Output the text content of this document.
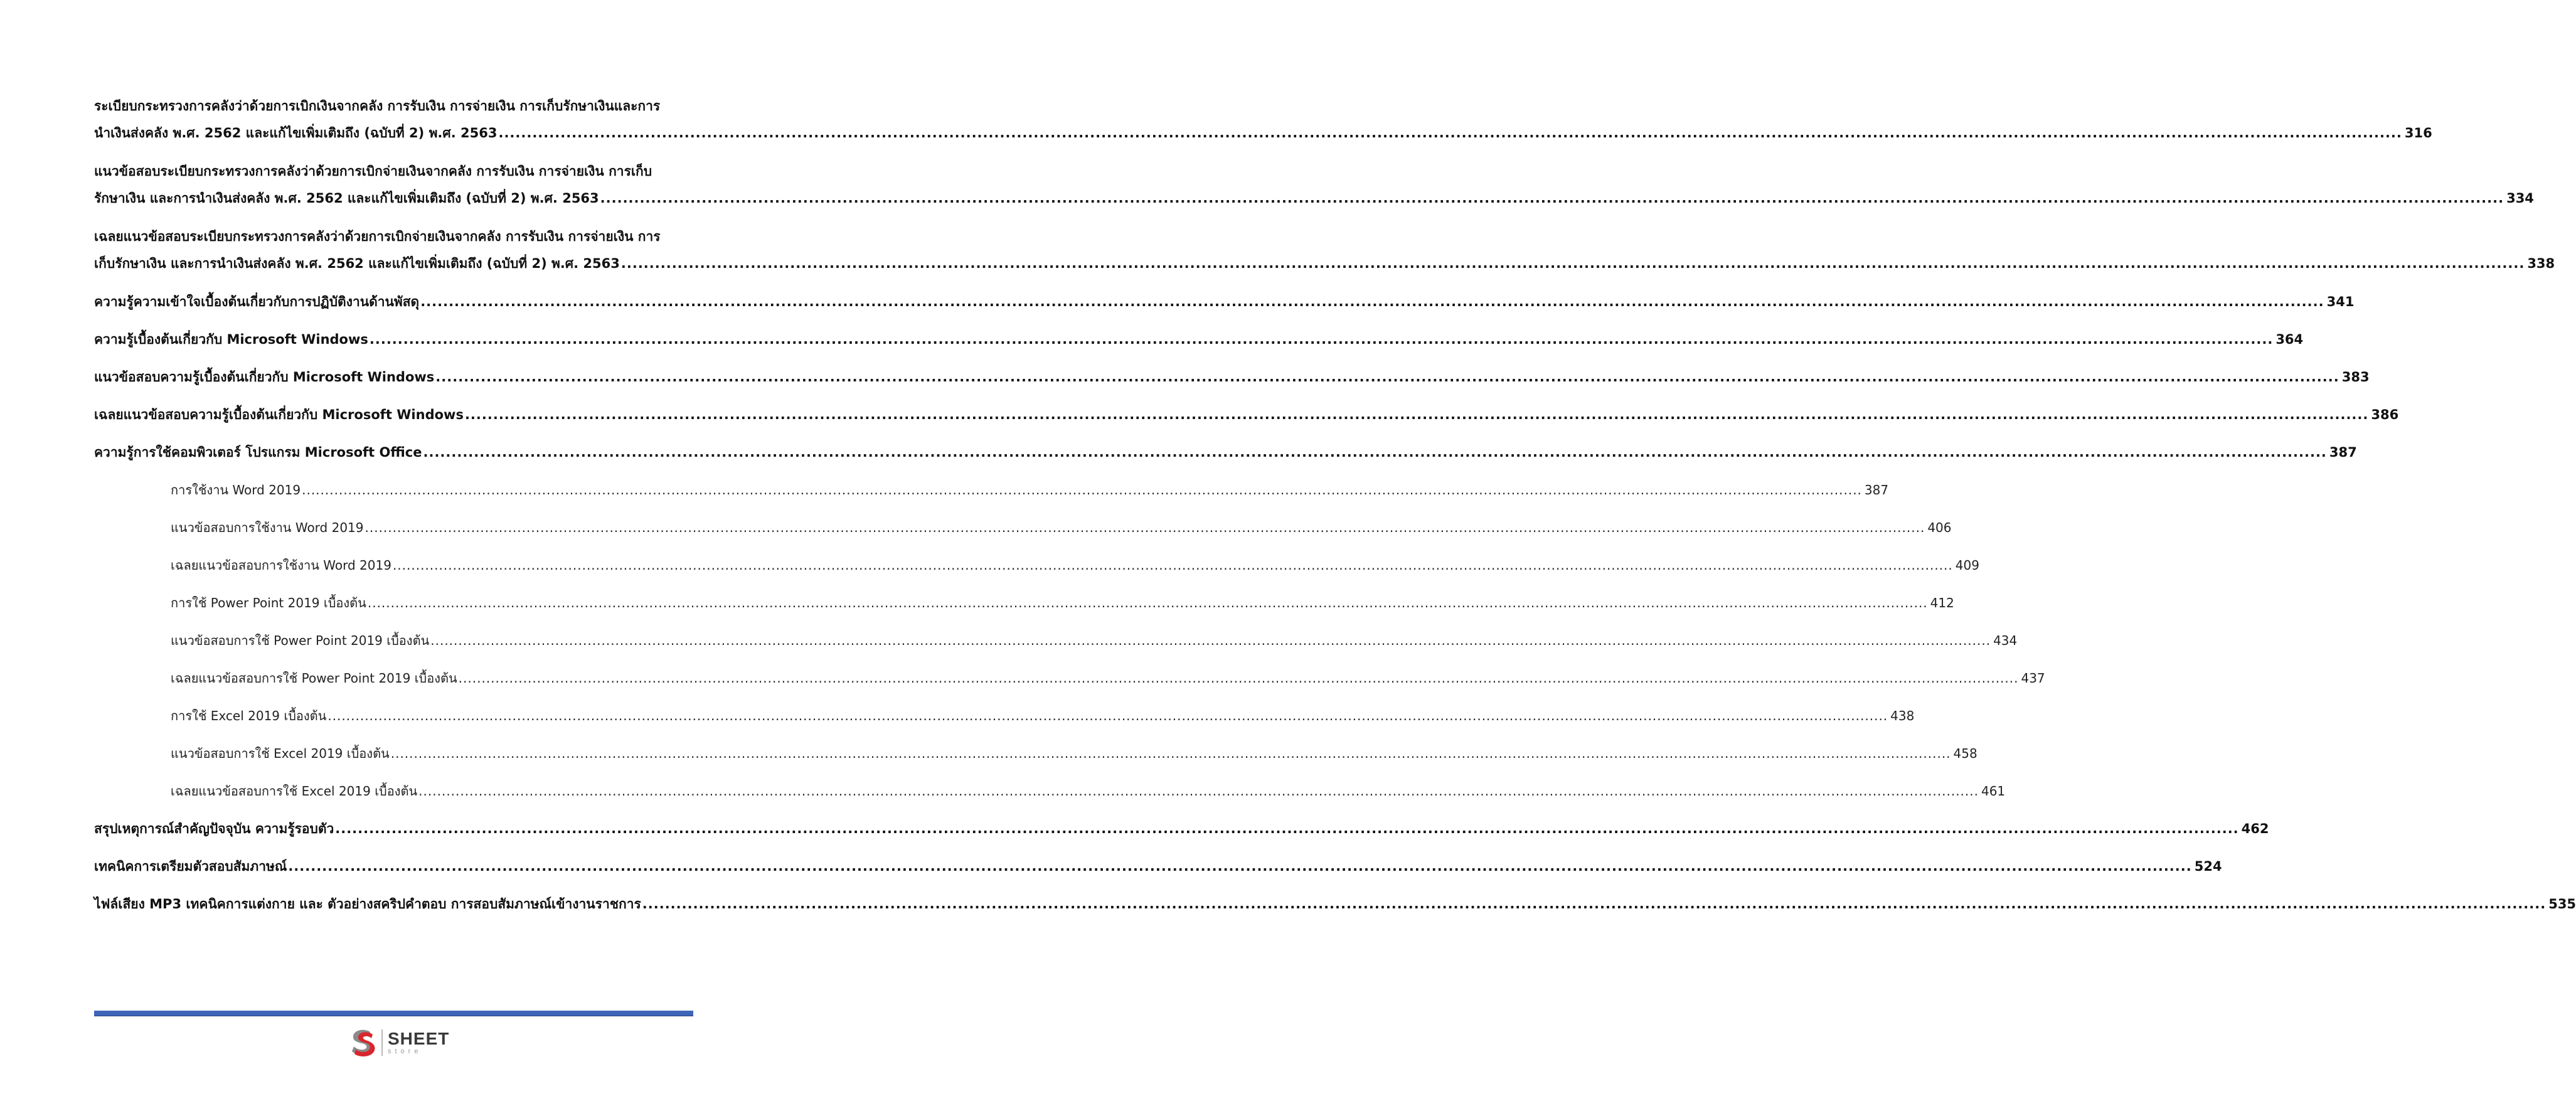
ระเบียบกระทรวงการคลังว่าด้วยการเบิกเงินจากคลัง การรับเงิน การจ่ายเงิน การเก็บรักษาเงินและการ
นำเงินส่งคลัง พ.ศ. 2562 และแก้ไขเพิ่มเติมถึง (ฉบับที่ 2) พ.ศ. 2563 .....	316
แนวข้อสอบระเบียบกระทรวงการคลังว่าด้วยการเบิกจ่ายเงินจากคลัง การรับเงิน การจ่ายเงิน การเก็บ
รักษาเงิน และการนำเงินส่งคลัง พ.ศ. 2562 และแก้ไขเพิ่มเติมถึง (ฉบับที่ 2) พ.ศ. 2563 .....	334
เฉลยแนวข้อสอบระเบียบกระทรวงการคลังว่าด้วยการเบิกจ่ายเงินจากคลัง การรับเงิน การจ่ายเงิน การ
เก็บรักษาเงิน และการนำเงินส่งคลัง พ.ศ. 2562 และแก้ไขเพิ่มเติมถึง (ฉบับที่ 2) พ.ศ. 2563 .....	338
ความรู้ความเข้าใจเบื้องต้นเกี่ยวกับการปฏิบัติงานด้านพัสดุ .....	341
ความรู้เบื้องต้นเกี่ยวกับ Microsoft Windows .....	364
แนวข้อสอบความรู้เบื้องต้นเกี่ยวกับ Microsoft Windows .....	383
เฉลยแนวข้อสอบความรู้เบื้องต้นเกี่ยวกับ Microsoft Windows .....	386
ความรู้การใช้คอมพิวเตอร์ โปรแกรม Microsoft Office .....	387
การใช้งาน Word 2019 .....	387
แนวข้อสอบการใช้งาน Word 2019 .....	406
เฉลยแนวข้อสอบการใช้งาน Word 2019 .....	409
การใช้ Power Point 2019 เบื้องต้น .....	412
แนวข้อสอบการใช้ Power Point 2019 เบื้องต้น .....	434
เฉลยแนวข้อสอบการใช้ Power Point 2019 เบื้องต้น .....	437
การใช้ Excel 2019 เบื้องต้น .....	438
แนวข้อสอบการใช้ Excel 2019 เบื้องต้น .....	458
เฉลยแนวข้อสอบการใช้ Excel 2019 เบื้องต้น .....	461
สรุปเหตุการณ์สำคัญปัจจุบัน ความรู้รอบตัว .....	462
เทคนิคการเตรียมตัวสอบสัมภาษณ์ .....	524
ไฟล์เสียง MP3 เทคนิคการแต่งกาย และ ตัวอย่างสคริปคำตอบ การสอบสัมภาษณ์เข้างานราชการ .....	535
SHEET
store
